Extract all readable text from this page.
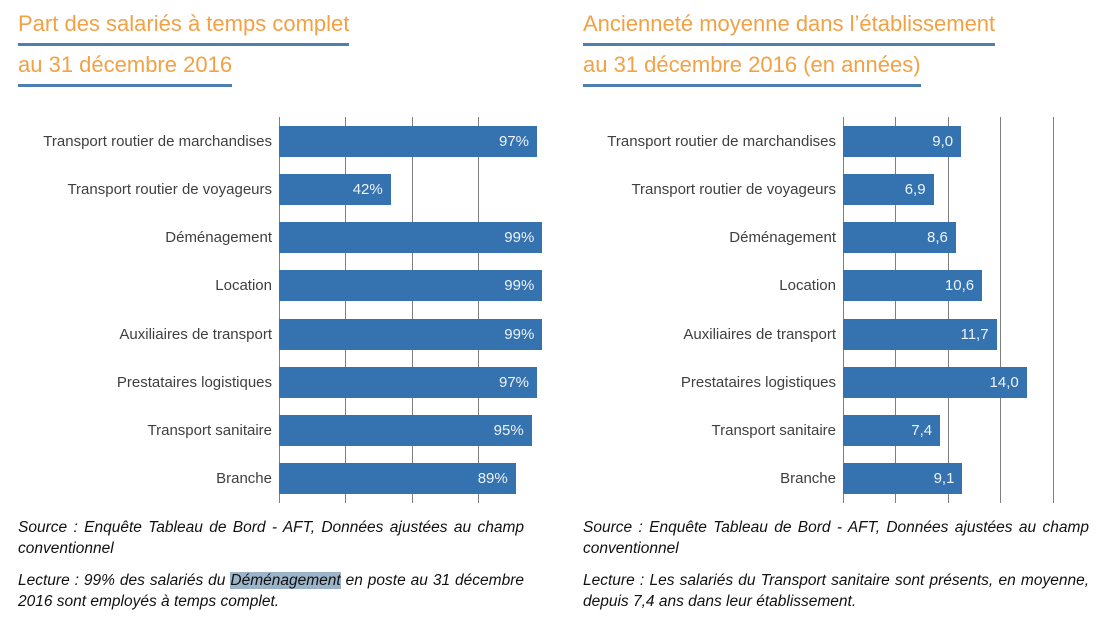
Part des salariés à temps complet
au 31 décembre 2016
Ancienneté moyenne dans l’établissement
au 31 décembre 2016 (en années)
Transport routier de marchandises	97%
Transport routier de voyageurs	42%
Déménagement	99%
Location	99%
Auxiliaires de transport	99%
Prestataires logistiques	97%
Transport sanitaire	95%
Branche	89%
Transport routier de marchandises	9,0
Transport routier de voyageurs	6,9
Déménagement	8,6
Location	10,6
Auxiliaires de transport	11,7
Prestataires logistiques	14,0
Transport sanitaire	7,4
Branche	9,1

Source : Enquête Tableau de Bord - AFT, Données ajustées au champ conventionnel

Lecture : 99% des salariés du Déménagement en poste au 31 décembre 2016 sont employés à temps complet.

Source : Enquête Tableau de Bord - AFT, Données ajustées au champ conventionnel

Lecture : Les salariés du Transport sanitaire sont présents, en moyenne, depuis 7,4 ans dans leur établissement.
